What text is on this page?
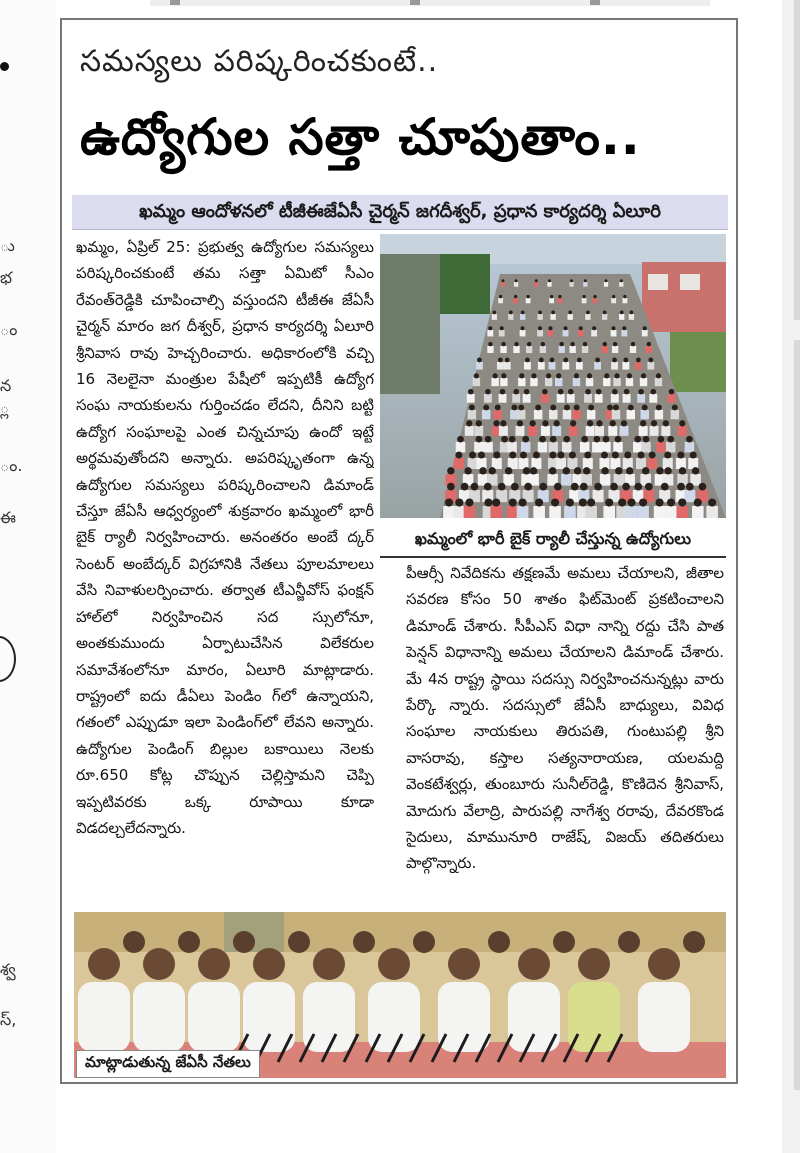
ు
భ
ం
న
్ల
ం.
ఈ
శ్వ
స్,
సమస్యలు పరిష్కరించకుంటే..
ఉద్యోగుల సత్తా చూపుతాం..
ఖమ్మం ఆందోళనలో టీజీఈజేఏసీ చైర్మన్ జగదీశ్వర్, ప్రధాన కార్యదర్శి ఏలూరి
ఖమ్మం, ఏప్రిల్ 25: ప్రభుత్వ ఉద్యోగుల సమస్యలు పరిష్కరించకుంటే తమ సత్తా ఏమిటో సీఎం రేవంత్‌రెడ్డికి చూపించాల్సి వస్తుందని టీజీఈ జేఏసీ చైర్మన్ మారం జగ దీశ్వర్, ప్రధాన కార్యదర్శి ఏలూరి శ్రీనివాస రావు హెచ్చరించారు. అధికారంలోకి వచ్చి 16 నెలలైనా మంత్రుల పేషీలో ఇప్పటికీ ఉద్యోగ సంఘ నాయకులను గుర్తించడం లేదని, దీనిని బట్టి ఉద్యోగ సంఘాలపై ఎంత చిన్నచూపు ఉందో ఇట్టే అర్థమవుతోందని అన్నారు. అపరిష్కృతంగా ఉన్న ఉద్యోగుల సమస్యలు పరిష్కరించాలని డిమాండ్ చేస్తూ జేఏసీ ఆధ్వర్యంలో శుక్రవారం ఖమ్మంలో భారీ బైక్ ర్యాలీ నిర్వహించారు. అనంతరం అంబే ద్కర్ సెంటర్ అంబేద్కర్ విగ్రహానికి నేతలు పూలమాలలు వేసి నివాళులర్పించారు. తర్వాత టీఎన్జీవోస్ ఫంక్షన్ హాల్‌లో నిర్వహించిన సద స్సులోనూ, అంతకుముందు ఏర్పాటుచేసిన విలేకరుల సమావేశంలోనూ మారం, ఏలూరి మాట్లాడారు. రాష్ట్రంలో ఐదు డీఏలు పెండిం గ్‌లో ఉన్నాయని, గతంలో ఎప్పుడూ ఇలా పెండింగ్‌లో లేవని అన్నారు. ఉద్యోగుల పెండింగ్ బిల్లుల బకాయిలు నెలకు రూ.650 కోట్ల చొప్పున చెల్లిస్తామని చెప్పి ఇప్పటివరకు ఒక్క రూపాయి కూడా విడదల్చలేదన్నారు.
ఖమ్మంలో భారీ బైక్ ర్యాలీ చేస్తున్న ఉద్యోగులు
పీఆర్సీ నివేదికను తక్షణమే అమలు చేయాలని, జీతాల సవరణ కోసం 50 శాతం ఫిట్‌మెంట్ ప్రకటించాలని డిమాండ్ చేశారు. సీపీఎస్ విధా నాన్ని రద్దు చేసి పాత పెన్షన్ విధానాన్ని అమలు చేయాలని డిమాండ్ చేశారు. మే 4న రాష్ట్ర స్థాయి సదస్సు నిర్వహించనున్నట్లు వారు పేర్కొ న్నారు. సదస్సులో జేఏసీ బాధ్యులు, వివిధ సంఘాల నాయకులు తిరుపతి, గుంటుపల్లి శ్రీని వాసరావు, కస్తాల సత్యనారాయణ, యలమద్ది వెంకటేశ్వర్లు, తుంబూరు సునీల్‌రెడ్డి, కొణిదెన శ్రీనివాస్, మోదుగు వేలాద్రి, పారుపల్లి నాగేశ్వ రరావు, దేవరకొండ సైదులు, మామునూరి రాజేష్, విజయ్ తదితరులు పాల్గొన్నారు.
మాట్లాడుతున్న జేఏసీ నేతలు
